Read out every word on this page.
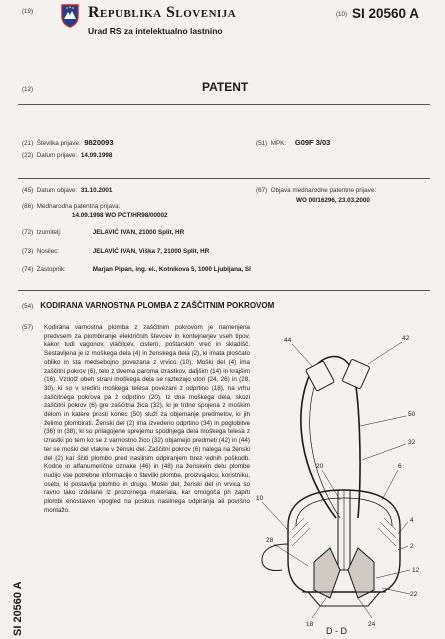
(19)	Republika Slovenija
Urad RS za intelektualno lastnino
(10) SI 20560 A
(12)	PATENT
(21) Številka prijave: 9820093
(22) Datum prijave: 14.09.1998
(51) MPK: G09F 3/03
(45) Datum objave: 31.10.2001	(67) Objava mednarodne patentne prijave:
WO 00/16296, 23.03.2000
(86) Mednarodna patentna prijava:
14.09.1998 WO PCT/HR98/00002
(72) Izumitelj:	JELAVIĆ IVAN, 21000 Split, HR
(73) Nosilec:	JELAVIĆ IVAN, Viška 7, 21000 Split, HR
(74) Zastopnik:	Marjan Pipan, ing. el., Kotnikova 5, 1000 Ljubljana, SI
(54) KODIRANA VARNOSTNA PLOMBA Z ZAŠČITNIM POKROVOM
(57) Kodirana varnostna plomba z zaščitnim pokrovom je namenjena predvsem za plombiranje električnih števcev in kontejnerjev vseh tipov, kakor tudi vagonov, vlačilcev, cistern, poštarskih vreč in skladišč. Sestavljena je iz moškega dela (4) in ženskega dela (2), ki imata ploščato obliko in sta medsebojno povezana z vrvico (10). Moški del (4) ima zaščitni pokrov (6), telo z dvema paroma izrastkov, daljšim (14) in krajšim (16). Vzdolž obeh strani moškega dela se raztezajo utori (24, 26) in (28, 30), ki so v sredini moškega telesa povezani z odprtino (18), na vrhu zaščitnega pokrova pa z odprtino (20). Iz dna moškega dela, skozi zaščitni pokrov (6) gre zaščitna žica (32), ki je trdno spojena z moškim delom in katere prosti konec (50) služi za objemanje predmetov, ki jih želimo plombirati. Ženski del (2) ima izvedeno odprtino (34) in poglobitve (36) in (38), ki so prilagojene sprejemu spodnjega dela moškega telesa z izrastki po tem ko se z varnostno žico (32) objamejo predmeti (42) in (44) ter se moški del vtakne v ženski del. Zaščitni pokrov (6) nalega na ženski del (2) kar ščiti plombo pred nasilnim odpiranjem brez vidnih poškodb. Kodne in alfanumerične oznake (46) in (48) na ženskem delu plombe nudijo vse potrebne informacije o številki plombe, proizvajalcu, koristniku, osebi, ki postavlja plombo in drugo. Moški del, ženski del in vrvica so ravno tako izdelane iz prozornega materiala, kar omogoča pri zaprti plombi enostaven vpogled na poskus nasilnega odpiranja ali površno montažo.
SI 20560 A
44	42
50
32
20	6
10
4
2
12
28
18	24
22
D - D
